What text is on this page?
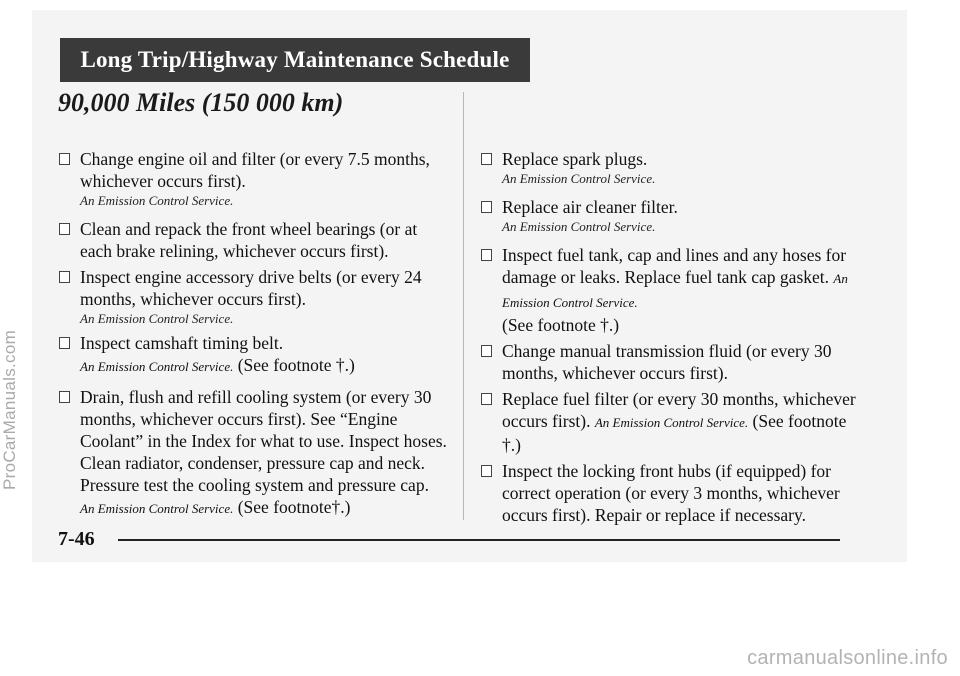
Long Trip/Highway Maintenance Schedule
90,000 Miles (150 000 km)
Change engine oil and filter (or every 7.5 months, whichever occurs first).
An Emission Control Service.
Clean and repack the front wheel bearings (or at each brake relining, whichever occurs first).
Inspect engine accessory drive belts (or every 24 months, whichever occurs first).
An Emission Control Service.
Inspect camshaft timing belt.
An Emission Control Service. (See footnote †.)
Drain, flush and refill cooling system (or every 30 months, whichever occurs first). See “Engine Coolant” in the Index for what to use. Inspect hoses. Clean radiator, condenser, pressure cap and neck. Pressure test the cooling system and pressure cap.
An Emission Control Service. (See footnote†.)
Replace spark plugs.
An Emission Control Service.
Replace air cleaner filter.
An Emission Control Service.
Inspect fuel tank, cap and lines and any hoses for damage or leaks. Replace fuel tank cap gasket. An Emission Control Service.
(See footnote †.)
Change manual transmission fluid (or every 30 months, whichever occurs first).
Replace fuel filter (or every 30 months, whichever occurs first). An Emission Control Service. (See footnote †.)
Inspect the locking front hubs (if equipped) for correct operation (or every 3 months, whichever occurs first). Repair or replace if necessary.
7-46
ProCarManuals.com
carmanualsonline.info
